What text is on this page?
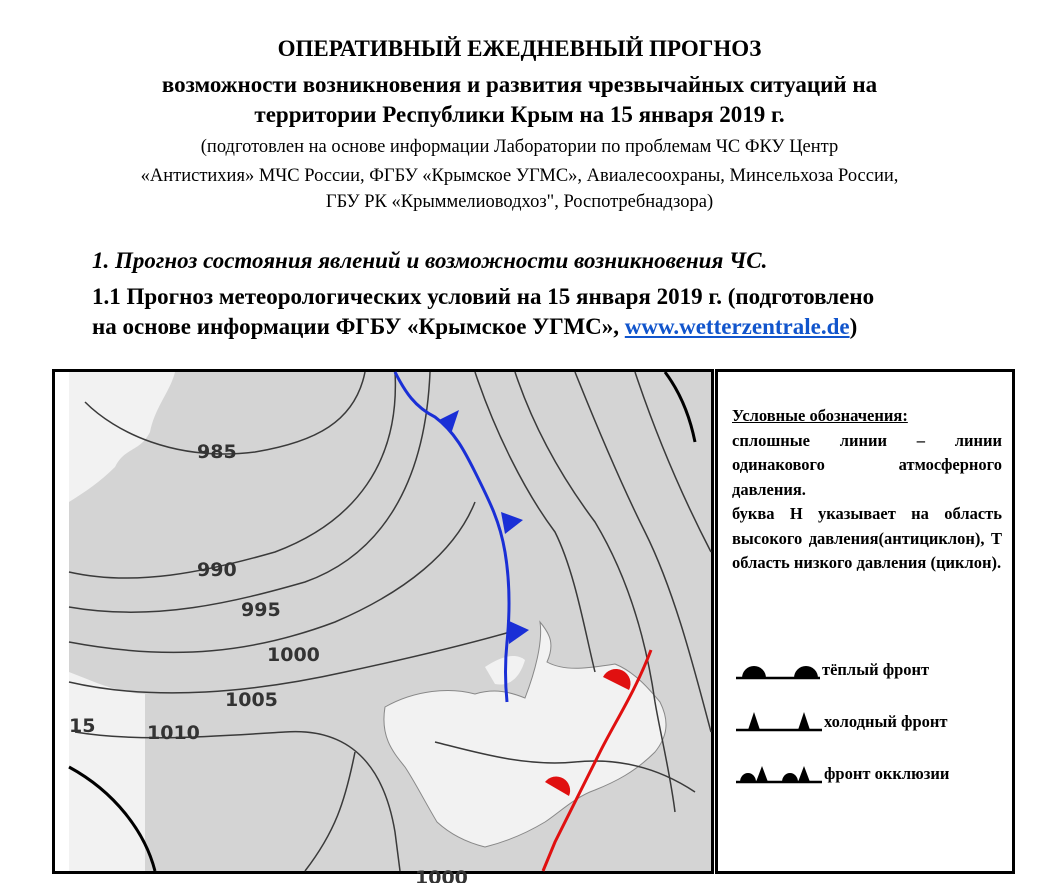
ОПЕРАТИВНЫЙ ЕЖЕДНЕВНЫЙ ПРОГНОЗ
возможности возникновения и развития чрезвычайных ситуаций на
территории Республики Крым на 15 января 2019 г.
(подготовлен на основе информации Лаборатории по проблемам ЧС ФКУ Центр
«Антистихия» МЧС России, ФГБУ «Крымское УГМС», Авиалесоохраны, Минсельхоза России,
ГБУ РК «Крыммелиоводхоз", Роспотребнадзора)
1. Прогноз состояния явлений и возможности возникновения ЧС.
1.1 Прогноз метеорологических условий на 15 января 2019 г. (подготовлено
на основе информации ФГБУ «Крымское УГМС», www.wetterzentrale.de)
985
990
995
1000
1005
1010
15
1000
Условные обозначения:
сплошные линии – линии одинакового атмосферного давления.
буква Н указывает на область высокого давления(антициклон), Т область низкого давления (циклон).
тёплый фронт
холодный фронт
фронт окклюзии
